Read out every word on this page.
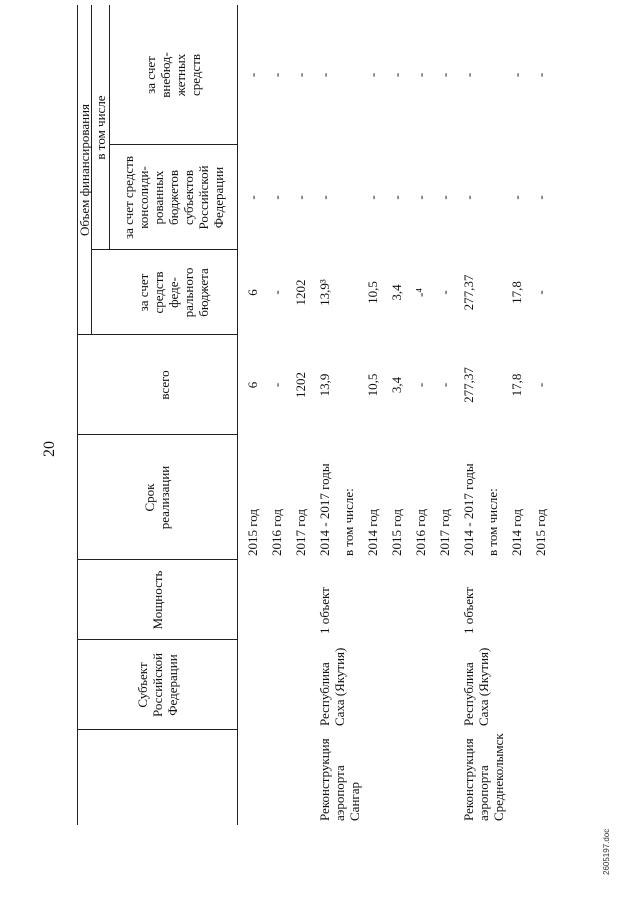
20
Субъект
Российской
Федерации
Мощность
Срок
реализации
Объем финансирования
всего
в том числе
за счет
средств
феде-
рального
бюджета
за счет средств
консолиди-
рованных
бюджетов
субъектов
Российской
Федерации
за счет
внебюд-
жетных
средств
2015 год
6
6
-
-
2016 год
-
-
-
-
2017 год
1202
1202
-
-
Реконструкция
аэропорта
Сангар
Республика
Саха (Якутия)
1 объект
2014 - 2017 годы
13,9
13,9³
-
-
в том числе: 2014 год
10,5
10,5
-
-
2015 год
3,4
3,4
-
-
2016 год
-
-⁴
-
-
2017 год
-
-
-
-
Реконструкция
аэропорта
Среднеколымск
Республика
Саха (Якутия)
1 объект
2014 - 2017 годы
277,37
277,37
-
-
в том числе: 2014 год
17,8
17,8
-
-
2015 год
-
-
-
-
2605197.doc
